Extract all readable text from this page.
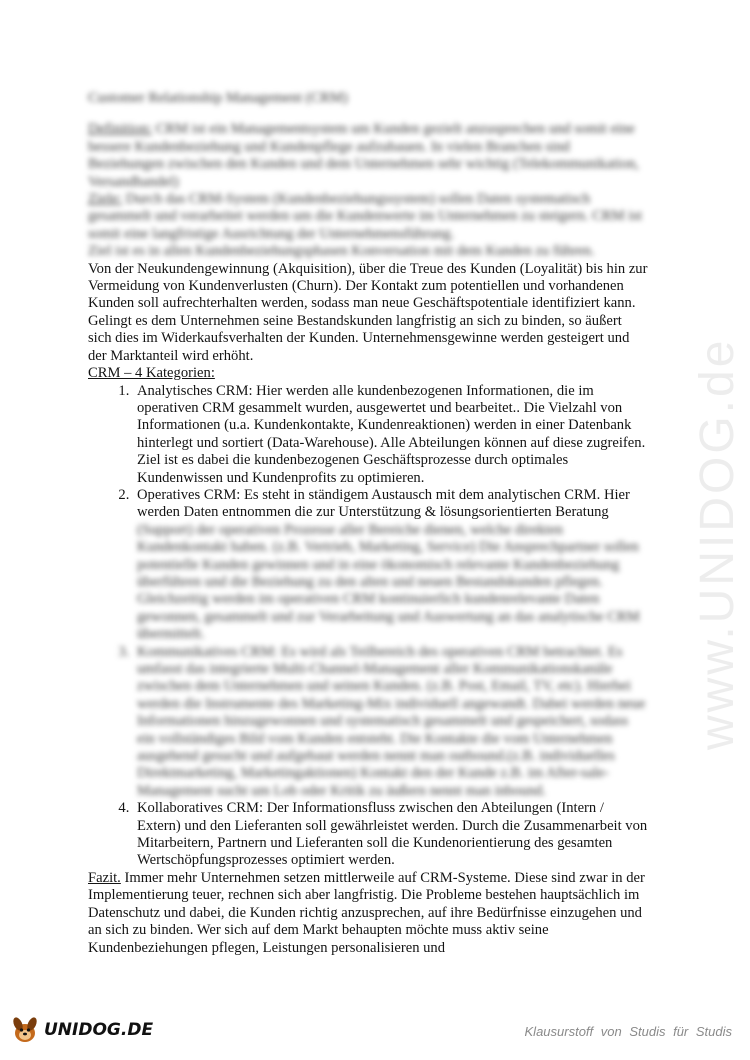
www.UNIDOG.de

Customer Relationship Management (CRM)

Definition: CRM ist ein Managementsystem um Kunden gezielt anzusprechen und somit eine bessere Kundenbeziehung und Kundenpflege aufzubauen. In vielen Branchen sind Beziehungen zwischen den Kunden und dem Unternehmen sehr wichtig (Telekommunikation, Versandhandel)

Ziele: Durch das CRM-System (Kundenbeziehungssystem) sollen Daten systematisch gesammelt und verarbeitet werden um die Kundenwerte im Unternehmen zu steigern. CRM ist somit eine langfristige Ausrichtung der Unternehmensführung.

Ziel ist es in allen Kundenbeziehungsphasen Konversation mit dem Kunden zu führen.

Von der Neukundengewinnung (Akquisition), über die Treue des Kunden (Loyalität) bis hin zur Vermeidung von Kundenverlusten (Churn). Der Kontakt zum potentiellen und vorhandenen Kunden soll aufrechterhalten werden, sodass man neue Geschäftspotentiale identifiziert kann. Gelingt es dem Unternehmen seine Bestandskunden langfristig an sich zu binden, so äußert sich dies im Widerkaufsverhalten der Kunden. Unternehmensgewinne werden gesteigert und der Marktanteil wird erhöht.

CRM – 4 Kategorien:

1. Analytisches CRM: Hier werden alle kundenbezogenen Informationen, die im operativen CRM gesammelt wurden, ausgewertet und bearbeitet.. Die Vielzahl von Informationen (u.a. Kundenkontakte, Kundenreaktionen) werden in einer Datenbank hinterlegt und sortiert (Data-Warehouse). Alle Abteilungen können auf diese zugreifen. Ziel ist es dabei die kundenbezogenen Geschäftsprozesse durch optimales Kundenwissen und Kundenprofits zu optimieren.
2. Operatives CRM: Es steht in ständigem Austausch mit dem analytischen CRM. Hier werden Daten entnommen die zur Unterstützung & lösungsorientierten Beratung
(Support) der operativen Prozesse aller Bereiche dienen, welche direkten Kundenkontakt haben. (z.B. Vertrieb, Marketing, Service) Die Ansprechpartner sollen potentielle Kunden gewinnen und in eine ökonomisch relevante Kundenbeziehung überführen und die Beziehung zu den alten und neuen Bestandskunden pflegen. Gleichzeitig werden im operativen CRM kontinuierlich kundenrelevante Daten gewonnen, gesammelt und zur Verarbeitung und Auswertung an das analytische CRM übermittelt.
3. Kommunikatives CRM: Es wird als Teilbereich des operativen CRM betrachtet. Es umfasst das integrierte Multi-Channel-Management aller Kommunikationskanäle zwischen dem Unternehmen und seinen Kunden. (z.B. Post, Email, TV, etc). Hierbei werden die Instrumente des Marketing-Mix individuell angewandt. Dabei werden neue Informationen hinzugewonnen und systematisch gesammelt und gespeichert, sodass ein vollständiges Bild vom Kunden entsteht. Die Kontakte die vom Unternehmen ausgehend gesucht und aufgebaut werden nennt man outbound.(z.B. individuelles Direktmarketing, Marketingaktionen) Kontakt den der Kunde z.B. im After-sale-Management sucht um Lob oder Kritik zu äußern nennt man inbound.
4. Kollaboratives CRM: Der Informationsfluss zwischen den Abteilungen (Intern / Extern) und den Lieferanten soll gewährleistet werden. Durch die Zusammenarbeit von Mitarbeitern, Partnern und Lieferanten soll die Kundenorientierung des gesamten Wertschöpfungsprozesses optimiert werden.

Fazit. Immer mehr Unternehmen setzen mittlerweile auf CRM-Systeme. Diese sind zwar in der Implementierung teuer, rechnen sich aber langfristig. Die Probleme bestehen hauptsächlich im Datenschutz und dabei, die Kunden richtig anzusprechen, auf ihre Bedürfnisse einzugehen und an sich zu binden. Wer sich auf dem Markt behaupten möchte muss aktiv seine Kundenbeziehungen pflegen, Leistungen personalisieren und

UNIDOG.DE	Klausurstoff von Studis für Studis
